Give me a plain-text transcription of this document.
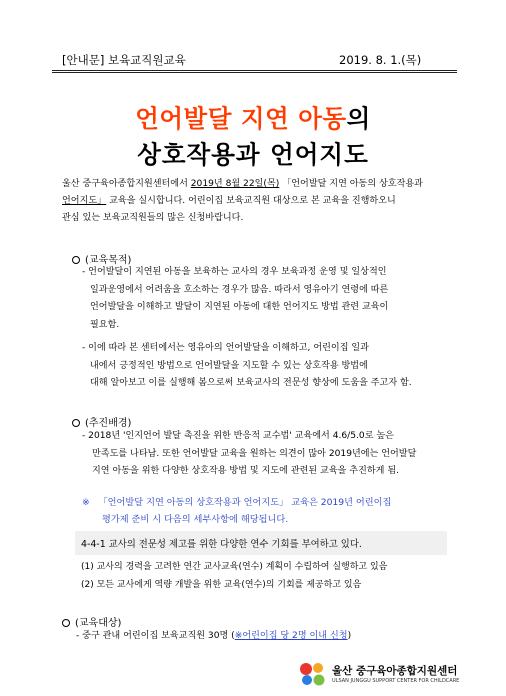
[안내문] 보육교직원교육	2019. 8. 1.(목)
언어발달 지연 아동의
상호작용과 언어지도
울산 중구육아종합지원센터에서 2019년 8월 22일(목) 「언어발달 지연 아동의 상호작용과
언어지도」 교육을 실시합니다. 어린이집 보육교직원 대상으로 본 교육을 진행하오니
관심 있는 보육교직원들의 많은 신청바랍니다.
(교육목적)
- 언어발달이 지연된 아동을 보육하는 교사의 경우 보육과정 운영 및 일상적인
일과운영에서 어려움을 호소하는 경우가 많음. 따라서 영유아기 연령에 따른
언어발달을 이해하고 발달이 지연된 아동에 대한 언어지도 방법 관련 교육이
필요함.
- 이에 따라 본 센터에서는 영유아의 언어발달을 이해하고, 어린이집 일과
내에서 긍정적인 방법으로 언어발달을 지도할 수 있는 상호작용 방법에
대해 알아보고 이를 실행해 봄으로써 보육교사의 전문성 향상에 도움을 주고자 함.
(추진배경)
- 2018년 '인지언어 발달 촉진을 위한 반응적 교수법' 교육에서 4.6/5.0로 높은
만족도를 나타남. 또한 언어발달 교육을 원하는 의견이 많아 2019년에는 언어발달
지연 아동을 위한 다양한 상호작용 방법 및 지도에 관련된 교육을 추진하게 됨.
※ 「언어발달 지연 아동의 상호작용과 언어지도」 교육은 2019년 어린이집
평가제 준비 시 다음의 세부사항에 해당됩니다.
4-4-1 교사의 전문성 제고를 위한 다양한 연수 기회를 부여하고 있다.
(1) 교사의 경력을 고려한 연간 교사교육(연수) 계획이 수립하여 실행하고 있음
(2) 모든 교사에게 역량 개발을 위한 교육(연수)의 기회를 제공하고 있음
(교육대상)
- 중구 관내 어린이집 보육교직원 30명 (※어린이집 당 2명 이내 신청)
울산 중구육아종합지원센터
ULSAN JUNGGU SUPPORT CENTER FOR CHILDCARE
